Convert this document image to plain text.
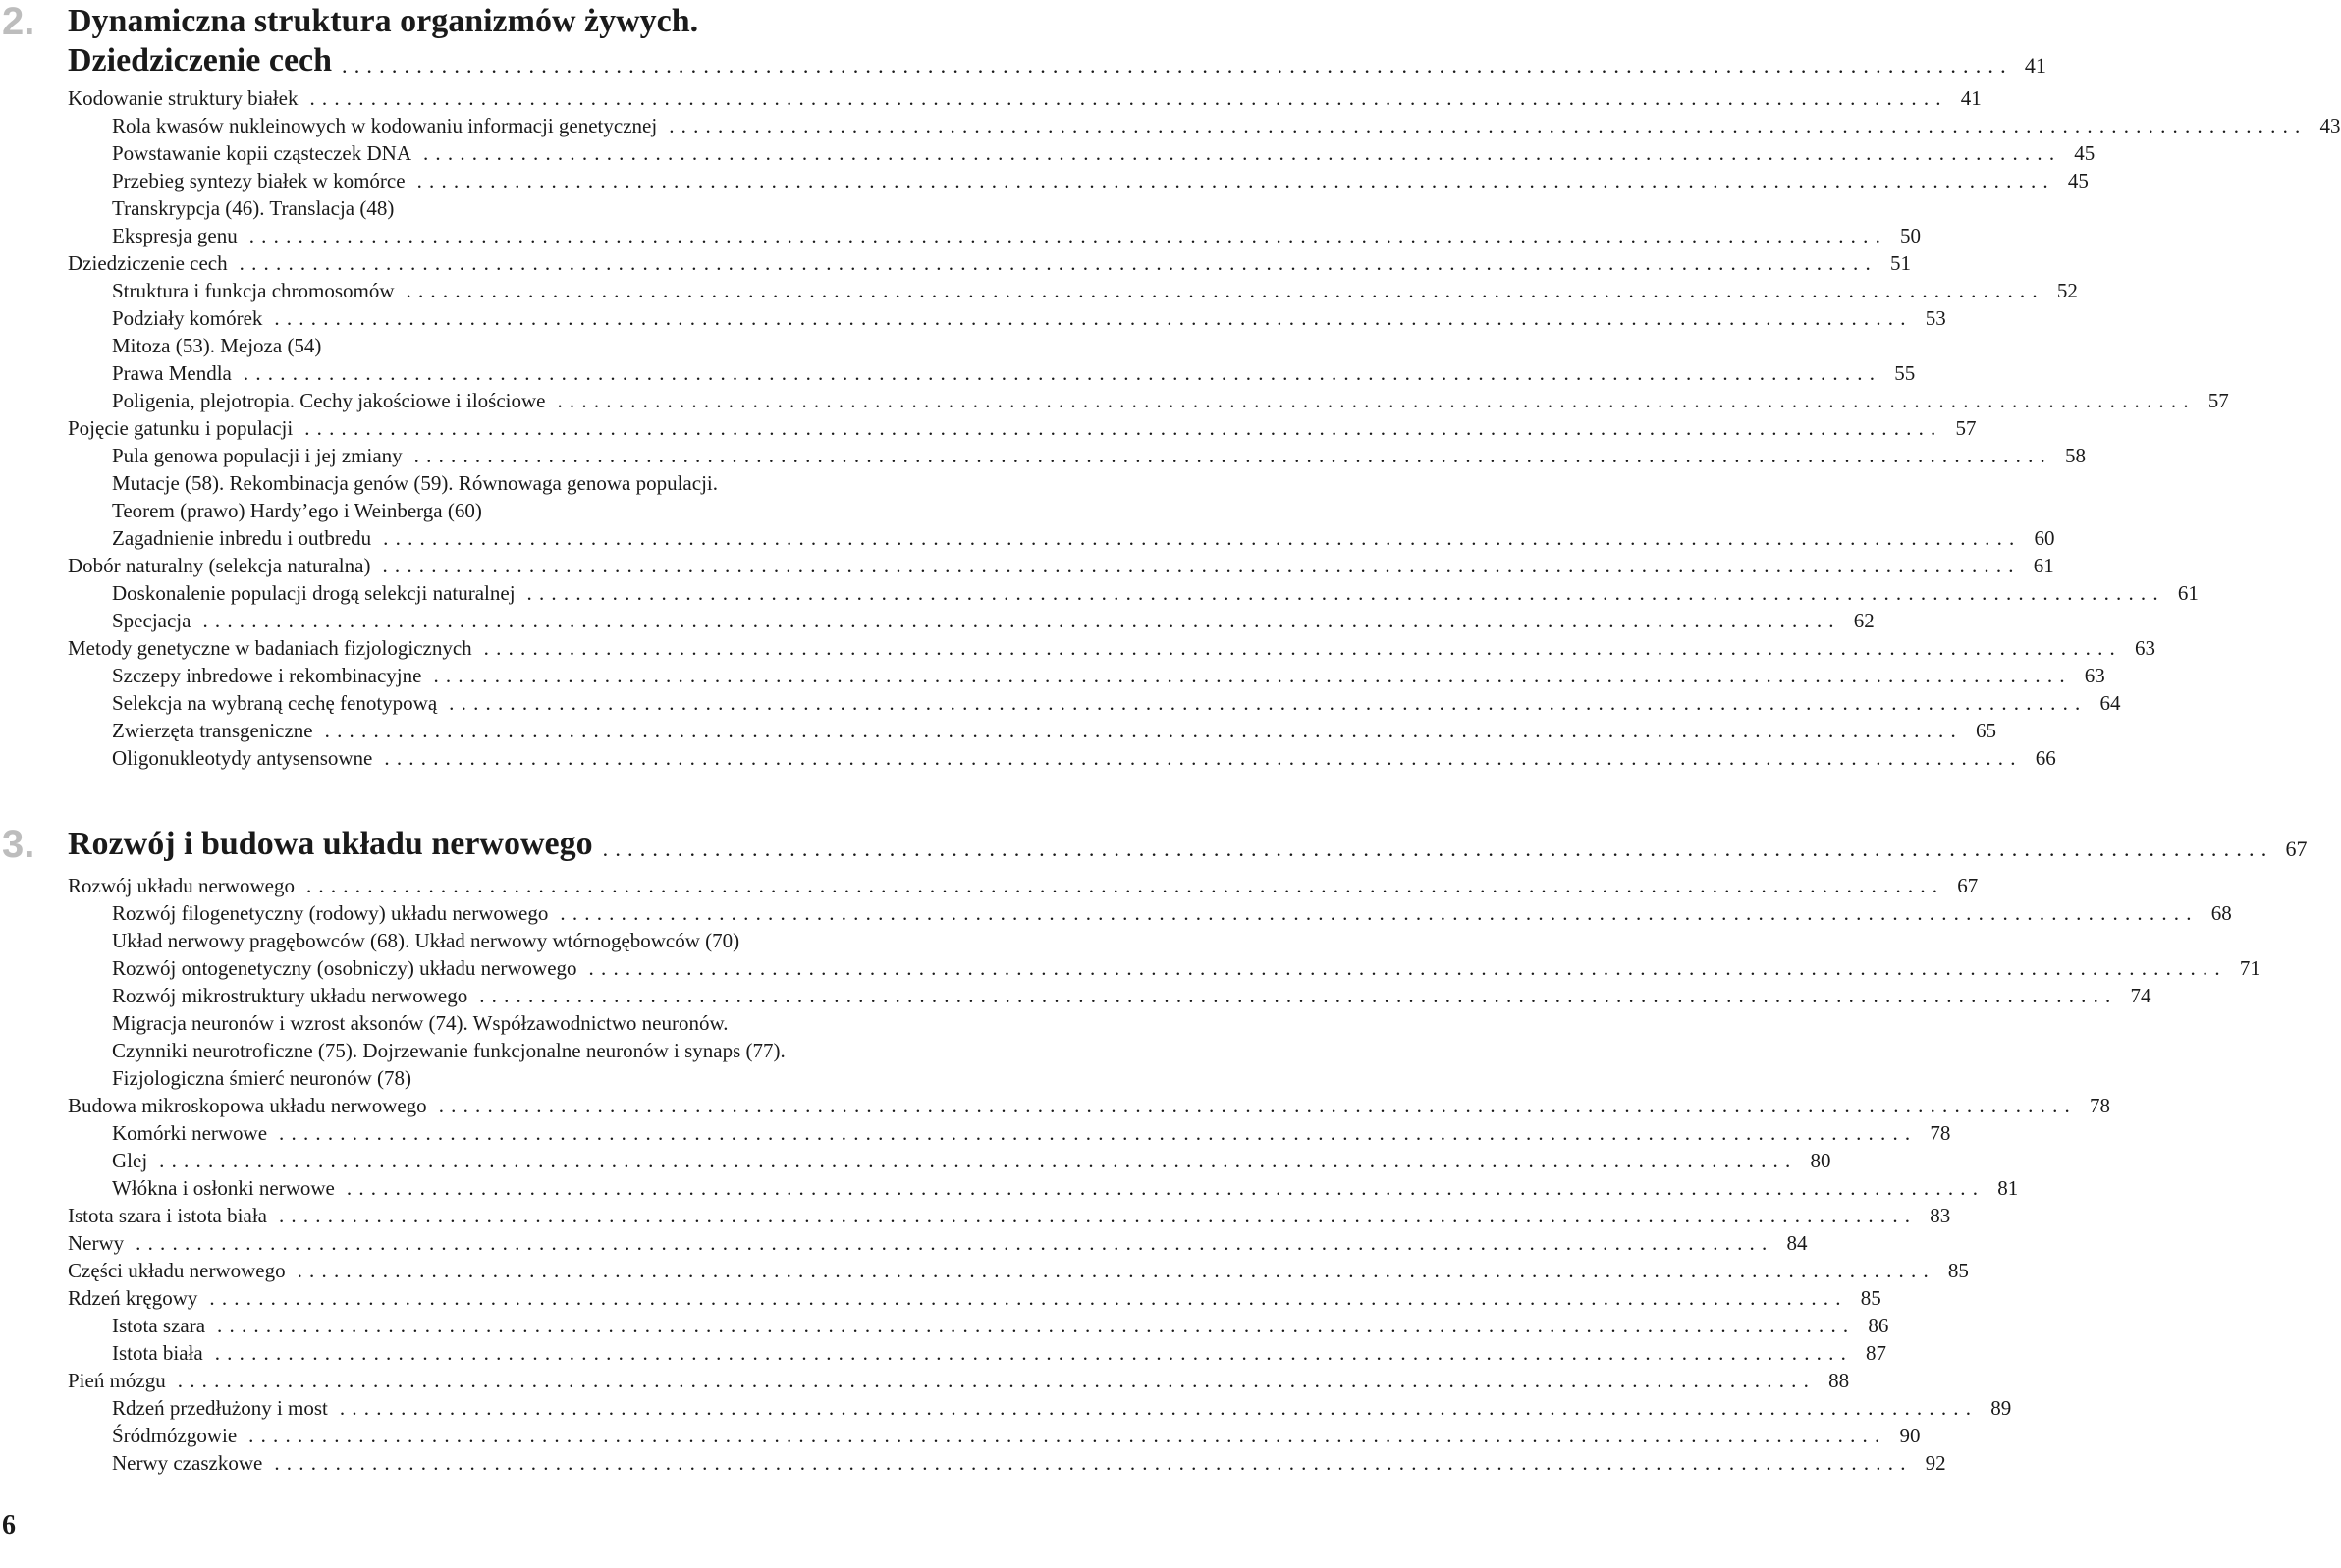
2. Dynamiczna struktura organizmów żywych.
Dziedziczenie cech ...................................................................................................................................... 41
Kodowanie struktury białek ...................................................................................................................................... 41
Rola kwasów nukleinowych w kodowaniu informacji genetycznej ...................................................................................................................................... 43
Powstawanie kopii cząsteczek DNA ...................................................................................................................................... 45
Przebieg syntezy białek w komórce ...................................................................................................................................... 45
Transkrypcja (46). Translacja (48)
Ekspresja genu ...................................................................................................................................... 50
Dziedziczenie cech ...................................................................................................................................... 51
Struktura i funkcja chromosomów ...................................................................................................................................... 52
Podziały komórek ...................................................................................................................................... 53
Mitoza (53). Mejoza (54)
Prawa Mendla ...................................................................................................................................... 55
Poligenia, plejotropia. Cechy jakościowe i ilościowe ...................................................................................................................................... 57
Pojęcie gatunku i populacji ...................................................................................................................................... 57
Pula genowa populacji i jej zmiany ...................................................................................................................................... 58
Mutacje (58). Rekombinacja genów (59). Równowaga genowa populacji.
Teorem (prawo) Hardy’ego i Weinberga (60)
Zagadnienie inbredu i outbredu ...................................................................................................................................... 60
Dobór naturalny (selekcja naturalna) ...................................................................................................................................... 61
Doskonalenie populacji drogą selekcji naturalnej ...................................................................................................................................... 61
Specjacja ...................................................................................................................................... 62
Metody genetyczne w badaniach fizjologicznych ...................................................................................................................................... 63
Szczepy inbredowe i rekombinacyjne ...................................................................................................................................... 63
Selekcja na wybraną cechę fenotypową ...................................................................................................................................... 64
Zwierzęta transgeniczne ...................................................................................................................................... 65
Oligonukleotydy antysensowne ...................................................................................................................................... 66
3. Rozwój i budowa układu nerwowego ...................................................................................................................................... 67
Rozwój układu nerwowego ...................................................................................................................................... 67
Rozwój filogenetyczny (rodowy) układu nerwowego ...................................................................................................................................... 68
Układ nerwowy pragębowców (68). Układ nerwowy wtórnogębowców (70)
Rozwój ontogenetyczny (osobniczy) układu nerwowego ...................................................................................................................................... 71
Rozwój mikrostruktury układu nerwowego ...................................................................................................................................... 74
Migracja neuronów i wzrost aksonów (74). Współzawodnictwo neuronów.
Czynniki neurotroficzne (75). Dojrzewanie funkcjonalne neuronów i synaps (77).
Fizjologiczna śmierć neuronów (78)
Budowa mikroskopowa układu nerwowego ...................................................................................................................................... 78
Komórki nerwowe ...................................................................................................................................... 78
Glej ...................................................................................................................................... 80
Włókna i osłonki nerwowe ...................................................................................................................................... 81
Istota szara i istota biała ...................................................................................................................................... 83
Nerwy ...................................................................................................................................... 84
Części układu nerwowego ...................................................................................................................................... 85
Rdzeń kręgowy ...................................................................................................................................... 85
Istota szara ...................................................................................................................................... 86
Istota biała ...................................................................................................................................... 87
Pień mózgu ...................................................................................................................................... 88
Rdzeń przedłużony i most ...................................................................................................................................... 89
Śródmózgowie ...................................................................................................................................... 90
Nerwy czaszkowe ...................................................................................................................................... 92
6
